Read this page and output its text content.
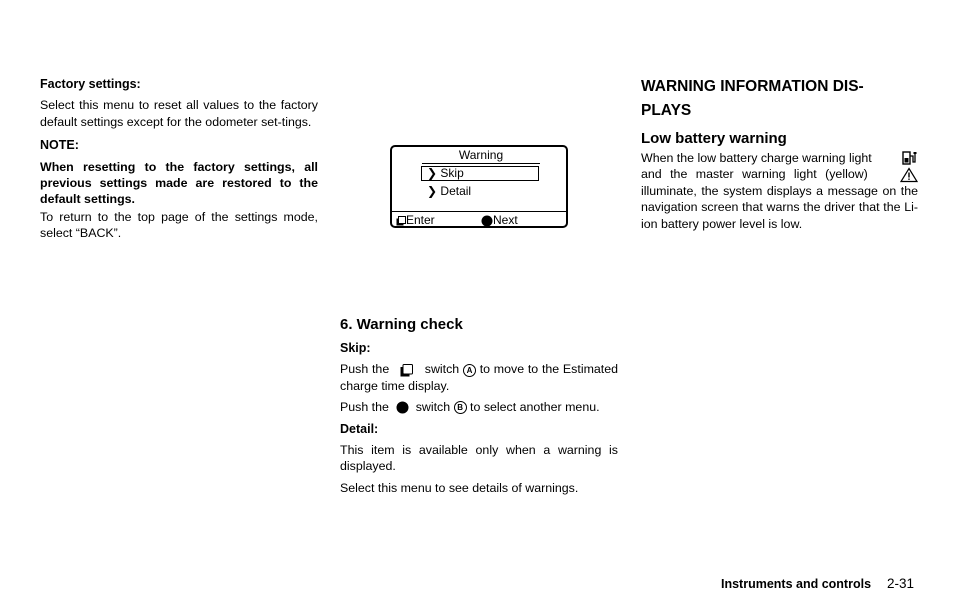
Factory settings:

Select this menu to reset all values to the factory default settings except for the odometer set-tings.

NOTE:

When resetting to the factory settings, all previous settings made are restored to the default settings.

To return to the top page of the settings mode, select “BACK”.

Warning
❯ Skip
❯ Detail
Enter	Next

6. Warning check

Skip:

Push the	switch A to move to the Estimated charge time display.

Push the switch B to select another menu.

Detail:

This item is available only when a warning is displayed.

Select this menu to see details of warnings.

WARNING INFORMATION DIS-

PLAYS

Low battery warning

When the low battery charge warning light
and the master warning light (yellow)
illuminate, the system displays a message on the navigation screen that warns the driver that the Li-ion battery power level is low.
Instruments and controls 2-31
